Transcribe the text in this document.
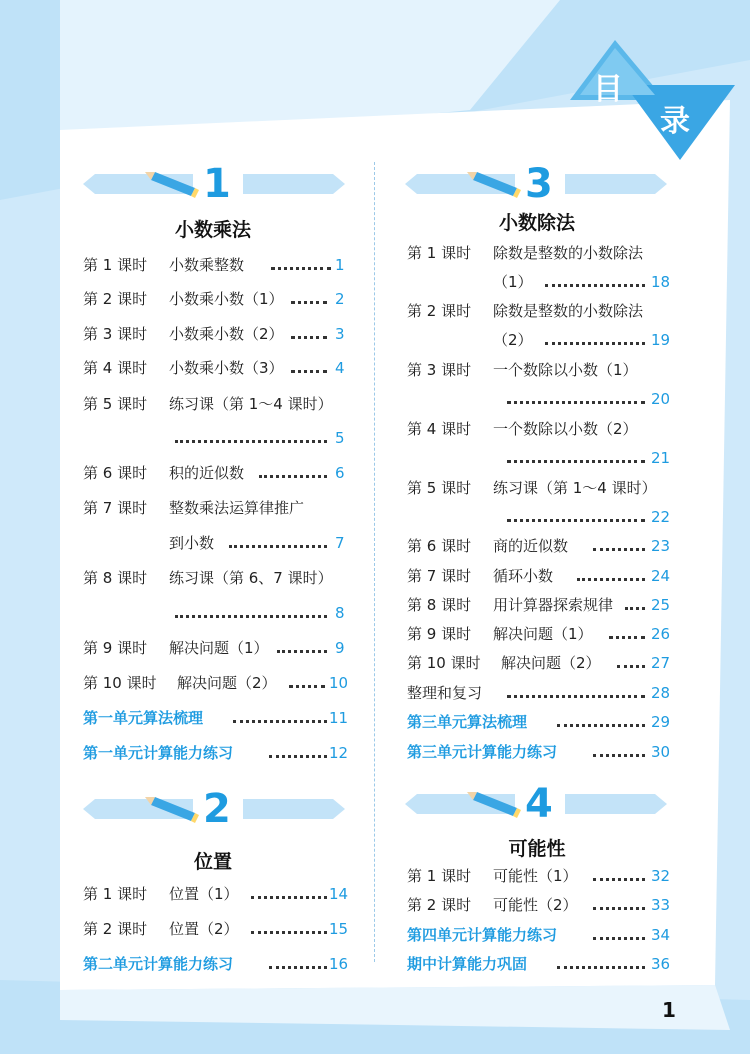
目
录
1
小数乘法
第 1 课时 小数乘整数	1
第 2 课时 小数乘小数（1）	2
第 3 课时 小数乘小数（2）	3
第 4 课时 小数乘小数（3）	4
第 5 课时 练习课（第 1～4 课时）
5
第 6 课时 积的近似数	6
第 7 课时 整数乘法运算律推广
到小数	7
第 8 课时 练习课（第 6、7 课时）
8
第 9 课时 解决问题（1）	9
第 10 课时 解决问题（2）	10
第一单元算法梳理	11
第一单元计算能力练习	12
2
位置
第 1 课时 位置（1）	14
第 2 课时 位置（2）	15
第二单元计算能力练习	16
3
小数除法
第 1 课时 除数是整数的小数除法
（1）	18
第 2 课时 除数是整数的小数除法
（2）	19
第 3 课时 一个数除以小数（1）
20
第 4 课时 一个数除以小数（2）
21
第 5 课时 练习课（第 1～4 课时）
22
第 6 课时 商的近似数	23
第 7 课时 循环小数	24
第 8 课时 用计算器探索规律	25
第 9 课时 解决问题（1）	26
第 10 课时 解决问题（2）	27
整理和复习	28
第三单元算法梳理	29
第三单元计算能力练习	30
4
可能性
第 1 课时 可能性（1）	32
第 2 课时 可能性（2）	33
第四单元计算能力练习	34
期中计算能力巩固	36
1
